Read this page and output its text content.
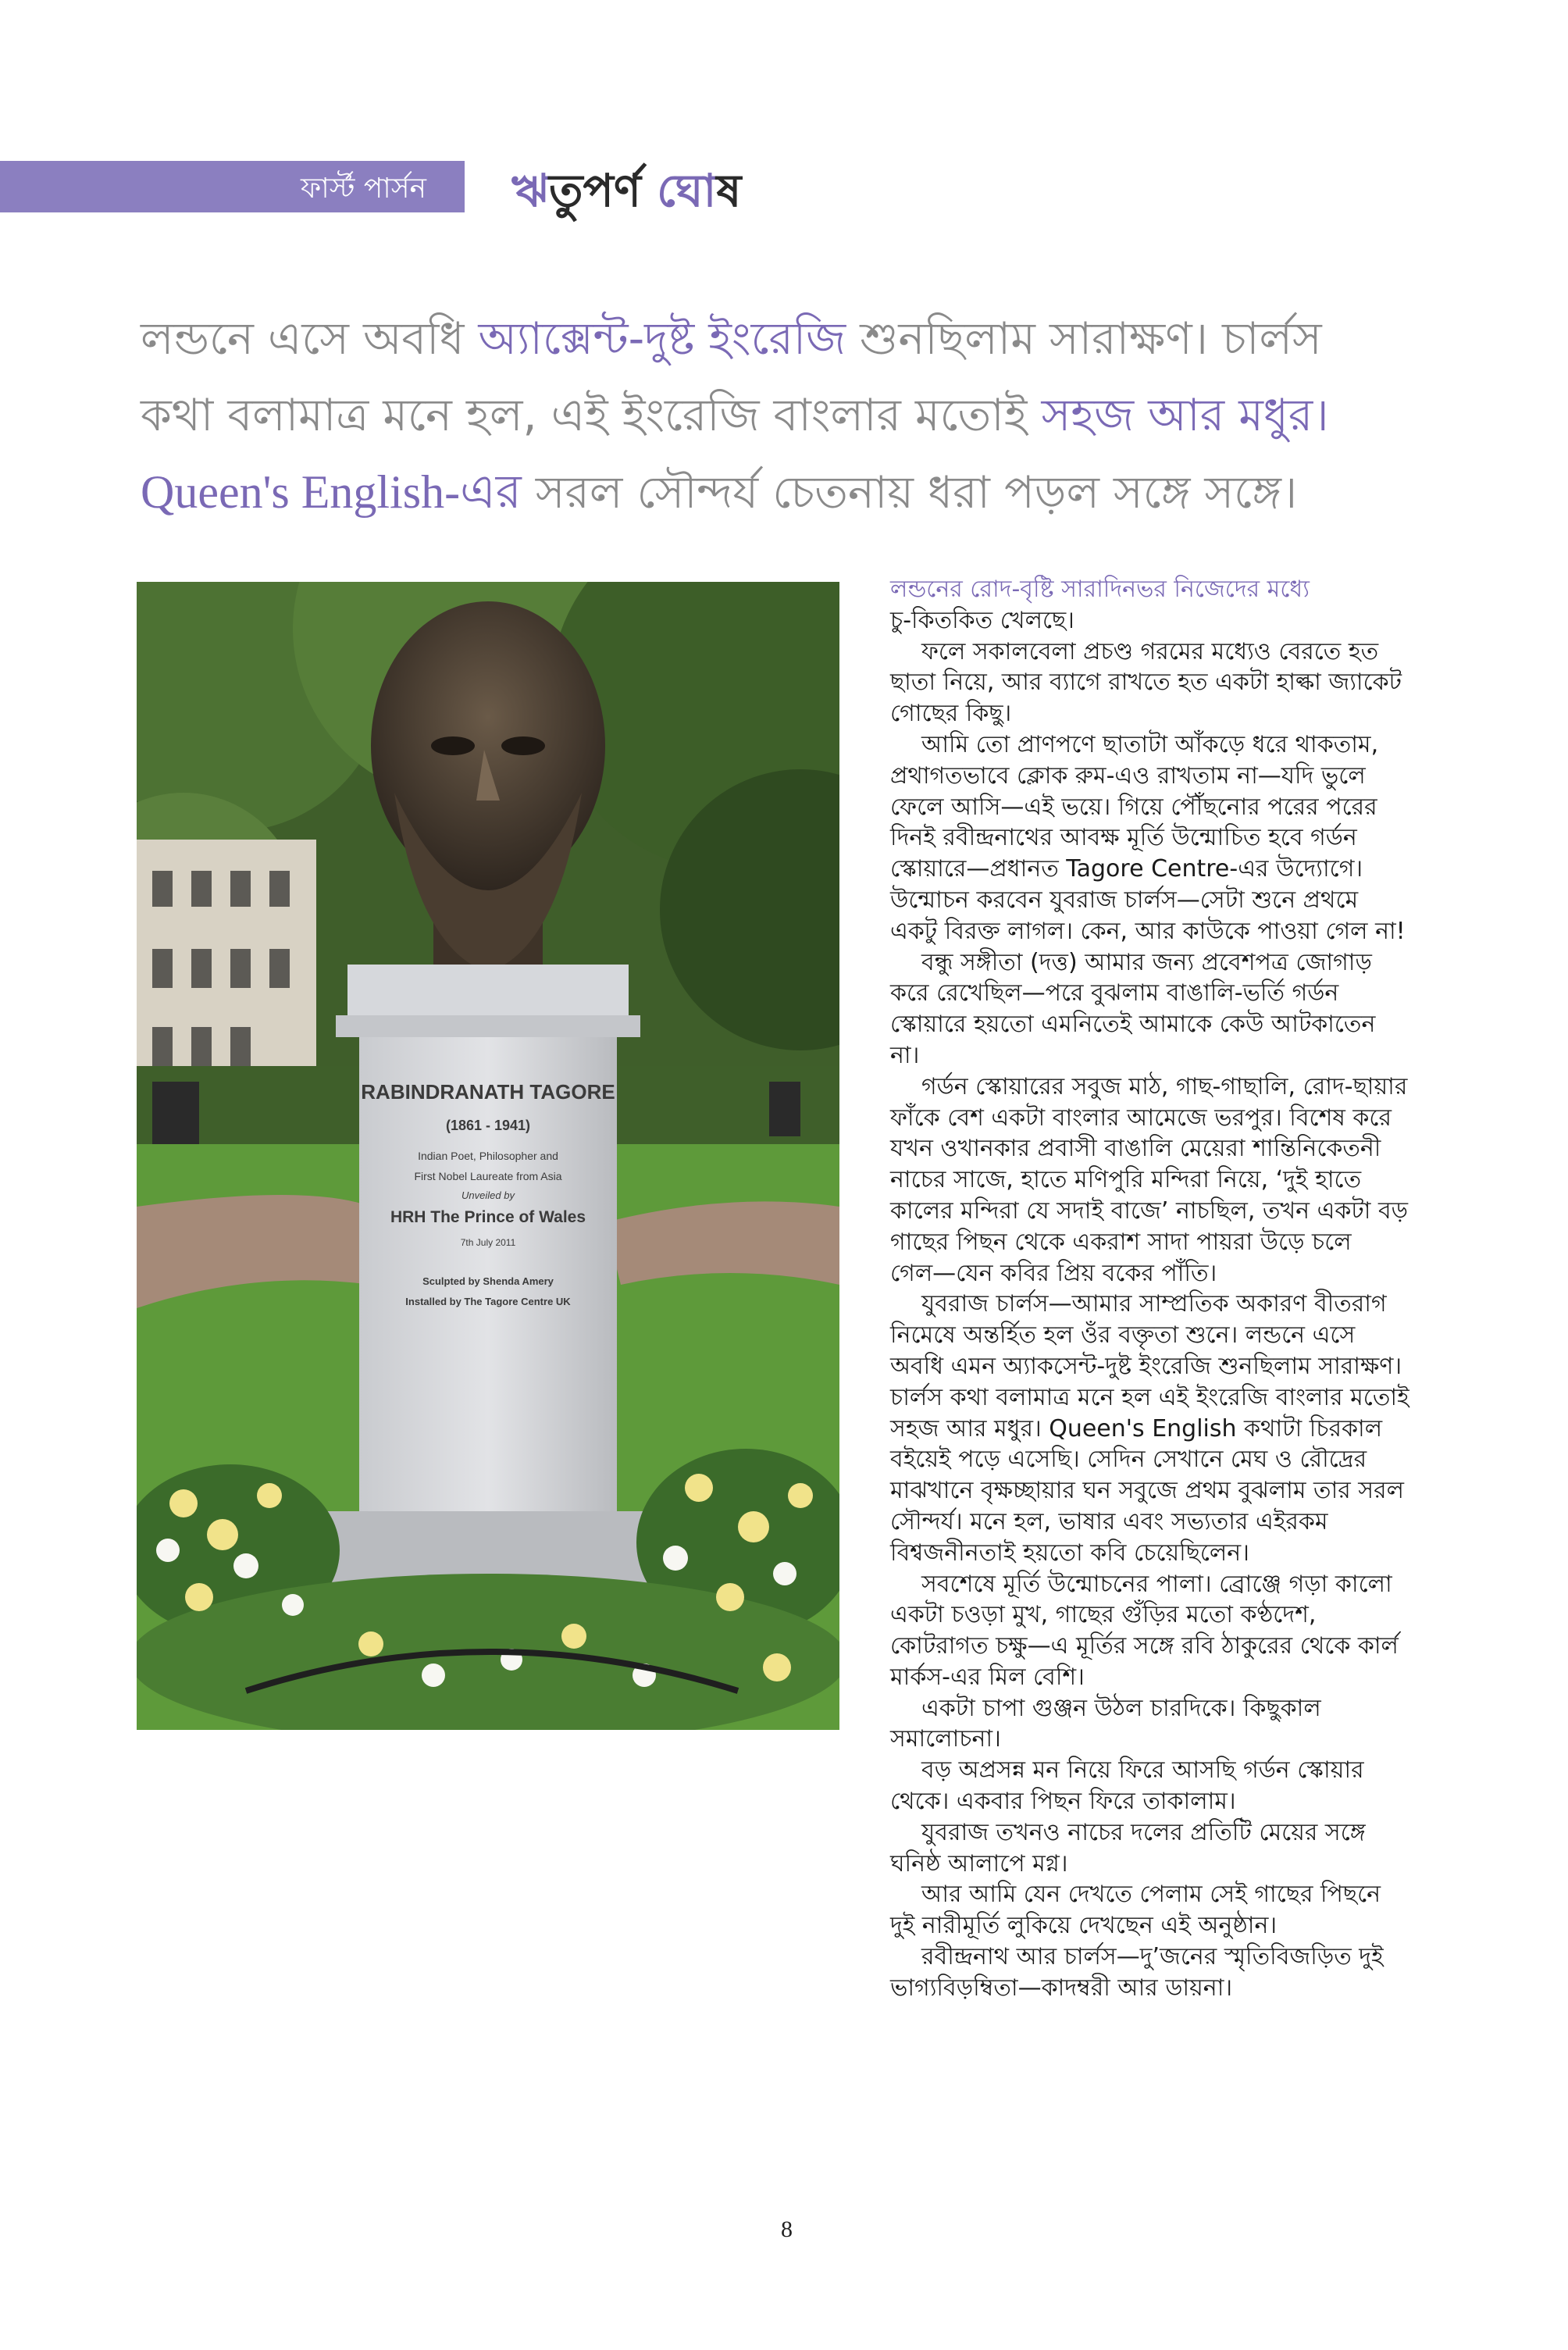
ফার্স্ট পার্সন ঋতুপর্ণ ঘোষ
লন্ডনে এসে অবধি অ্যাক্সেন্ট-দুষ্ট ইংরেজি শুনছিলাম সারাক্ষণ। চার্লস
কথা বলামাত্র মনে হল, এই ইংরেজি বাংলার মতোই সহজ আর মধুর।
Queen's English-এর সরল সৌন্দর্য চেতনায় ধরা পড়ল সঙ্গে সঙ্গে।
RABINDRANATH TAGORE
(1861 - 1941)
Indian Poet, Philosopher and
First Nobel Laureate from Asia
Unveiled by
HRH The Prince of Wales
7th July 2011
Sculpted by Shenda Amery
Installed by The Tagore Centre UK
লন্ডনের রোদ-বৃষ্টি সারাদিনভর নিজেদের মধ্যে
চু-কিতকিত খেলছে।
ফলে সকালবেলা প্রচণ্ড গরমের মধ্যেও বেরতে হত
ছাতা নিয়ে, আর ব্যাগে রাখতে হত একটা হাল্কা জ্যাকেট
গোছের কিছু।
আমি তো প্রাণপণে ছাতাটা আঁকড়ে ধরে থাকতাম,
প্রথাগতভাবে ক্লোক রুম-এও রাখতাম না—যদি ভুলে
ফেলে আসি—এই ভয়ে। গিয়ে পৌঁছনোর পরের পরের
দিনই রবীন্দ্রনাথের আবক্ষ মূর্তি উন্মোচিত হবে গর্ডন
স্কোয়ারে—প্রধানত Tagore Centre-এর উদ্যোগে।
উন্মোচন করবেন যুবরাজ চার্লস—সেটা শুনে প্রথমে
একটু বিরক্ত লাগল। কেন, আর কাউকে পাওয়া গেল না!
বন্ধু সঙ্গীতা (দত্ত) আমার জন্য প্রবেশপত্র জোগাড়
করে রেখেছিল—পরে বুঝলাম বাঙালি-ভর্তি গর্ডন
স্কোয়ারে হয়তো এমনিতেই আমাকে কেউ আটকাতেন
না।
গর্ডন স্কোয়ারের সবুজ মাঠ, গাছ-গাছালি, রোদ-ছায়ার
ফাঁকে বেশ একটা বাংলার আমেজে ভরপুর। বিশেষ করে
যখন ওখানকার প্রবাসী বাঙালি মেয়েরা শান্তিনিকেতনী
নাচের সাজে, হাতে মণিপুরি মন্দিরা নিয়ে, ‘দুই হাতে
কালের মন্দিরা যে সদাই বাজে’ নাচছিল, তখন একটা বড়
গাছের পিছন থেকে একরাশ সাদা পায়রা উড়ে চলে
গেল—যেন কবির প্রিয় বকের পাঁতি।
যুবরাজ চার্লস—আমার সাম্প্রতিক অকারণ বীতরাগ
নিমেষে অন্তর্হিত হল ওঁর বক্তৃতা শুনে। লন্ডনে এসে
অবধি এমন অ্যাকসেন্ট-দুষ্ট ইংরেজি শুনছিলাম সারাক্ষণ।
চার্লস কথা বলামাত্র মনে হল এই ইংরেজি বাংলার মতোই
সহজ আর মধুর। Queen's English কথাটা চিরকাল
বইয়েই পড়ে এসেছি। সেদিন সেখানে মেঘ ও রৌদ্রের
মাঝখানে বৃক্ষচ্ছায়ার ঘন সবুজে প্রথম বুঝলাম তার সরল
সৌন্দর্য। মনে হল, ভাষার এবং সভ্যতার এইরকম
বিশ্বজনীনতাই হয়তো কবি চেয়েছিলেন।
সবশেষে মূর্তি উন্মোচনের পালা। ব্রোঞ্জে গড়া কালো
একটা চওড়া মুখ, গাছের গুঁড়ির মতো কণ্ঠদেশ,
কোটরাগত চক্ষু—এ মূর্তির সঙ্গে রবি ঠাকুরের থেকে কার্ল
মার্কস-এর মিল বেশি।
একটা চাপা গুঞ্জন উঠল চারদিকে। কিছুকাল
সমালোচনা।
বড় অপ্রসন্ন মন নিয়ে ফিরে আসছি গর্ডন স্কোয়ার
থেকে। একবার পিছন ফিরে তাকালাম।
যুবরাজ তখনও নাচের দলের প্রতিটি মেয়ের সঙ্গে
ঘনিষ্ঠ আলাপে মগ্ন।
আর আমি যেন দেখতে পেলাম সেই গাছের পিছনে
দুই নারীমূর্তি লুকিয়ে দেখছেন এই অনুষ্ঠান।
রবীন্দ্রনাথ আর চার্লস—দু’জনের স্মৃতিবিজড়িত দুই
ভাগ্যবিড়ম্বিতা—কাদম্বরী আর ডায়না।
8
